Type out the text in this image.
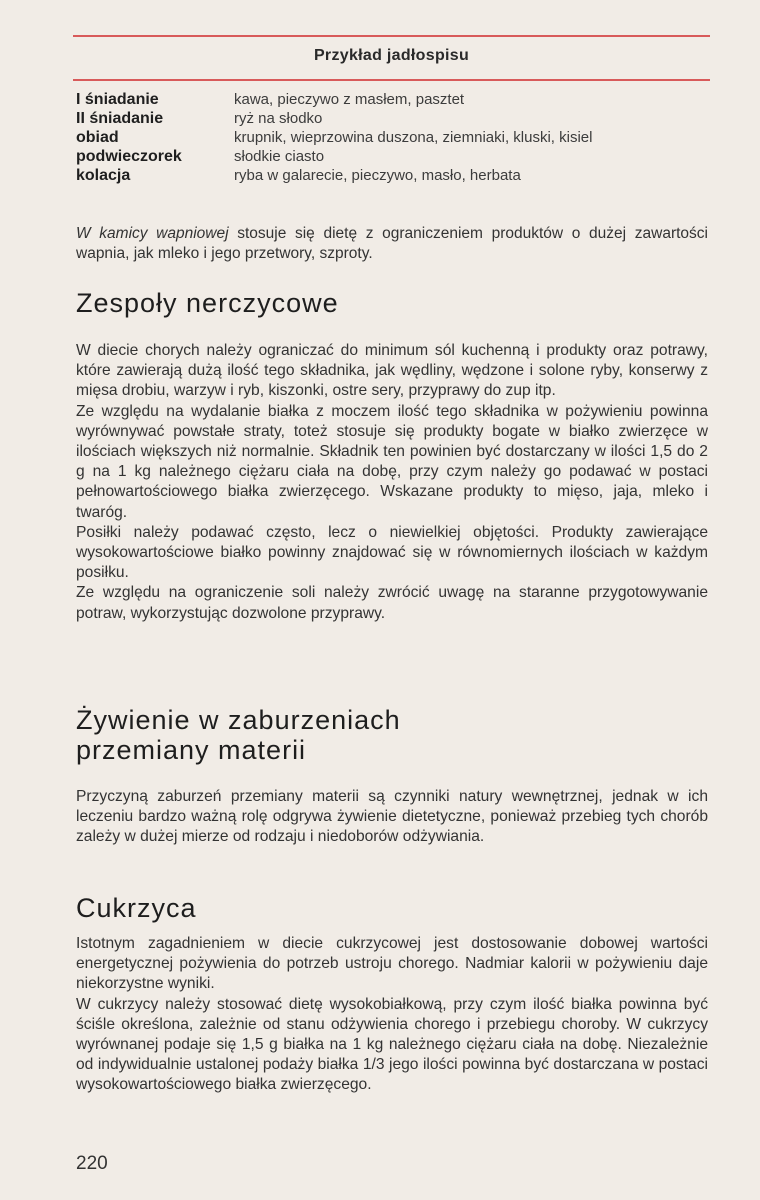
Przykład jadłospisu
I śniadanie	kawa, pieczywo z masłem, pasztet
II śniadanie	ryż na słodko
obiad	krupnik, wieprzowina duszona, ziemniaki, kluski, kisiel
podwieczorek	słodkie ciasto
kolacja	ryba w galarecie, pieczywo, masło, herbata
W kamicy wapniowej stosuje się dietę z ograniczeniem produktów o dużej zawartości wapnia, jak mleko i jego przetwory, szproty.
Zespoły nerczycowe

W diecie chorych należy ograniczać do minimum sól kuchenną i produkty oraz potrawy, które zawierają dużą ilość tego składnika, jak wędliny, wędzone i solone ryby, konserwy z mięsa drobiu, warzyw i ryb, kiszonki, ostre sery, przyprawy do zup itp.

Ze względu na wydalanie białka z moczem ilość tego składnika w pożywieniu powinna wyrównywać powstałe straty, toteż stosuje się produkty bogate w białko zwierzęce w ilościach większych niż normalnie. Składnik ten powinien być dostarczany w ilości 1,5 do 2 g na 1 kg należnego ciężaru ciała na dobę, przy czym należy go podawać w postaci pełnowartościowego białka zwierzęcego. Wskazane produkty to mięso, jaja, mleko i twaróg.

Posiłki należy podawać często, lecz o niewielkiej objętości. Produkty zawierające wysokowartościowe białko powinny znajdować się w równomiernych ilościach w każdym posiłku.

Ze względu na ograniczenie soli należy zwrócić uwagę na staranne przygotowywanie potraw, wykorzystując dozwolone przyprawy.

Żywienie w zaburzeniach
przemiany materii

Przyczyną zaburzeń przemiany materii są czynniki natury wewnętrznej, jednak w ich leczeniu bardzo ważną rolę odgrywa żywienie dietetyczne, ponieważ przebieg tych chorób zależy w dużej mierze od rodzaju i niedoborów odżywiania.

Cukrzyca

Istotnym zagadnieniem w diecie cukrzycowej jest dostosowanie dobowej wartości energetycznej pożywienia do potrzeb ustroju chorego. Nadmiar kalorii w pożywieniu daje niekorzystne wyniki.

W cukrzycy należy stosować dietę wysokobiałkową, przy czym ilość białka powinna być ściśle określona, zależnie od stanu odżywienia chorego i przebiegu choroby. W cukrzycy wyrównanej podaje się 1,5 g białka na 1 kg należnego ciężaru ciała na dobę. Niezależnie od indywidualnie ustalonej podaży białka 1/3 jego ilości powinna być dostarczana w postaci wysokowartościowego białka zwierzęcego.

220
